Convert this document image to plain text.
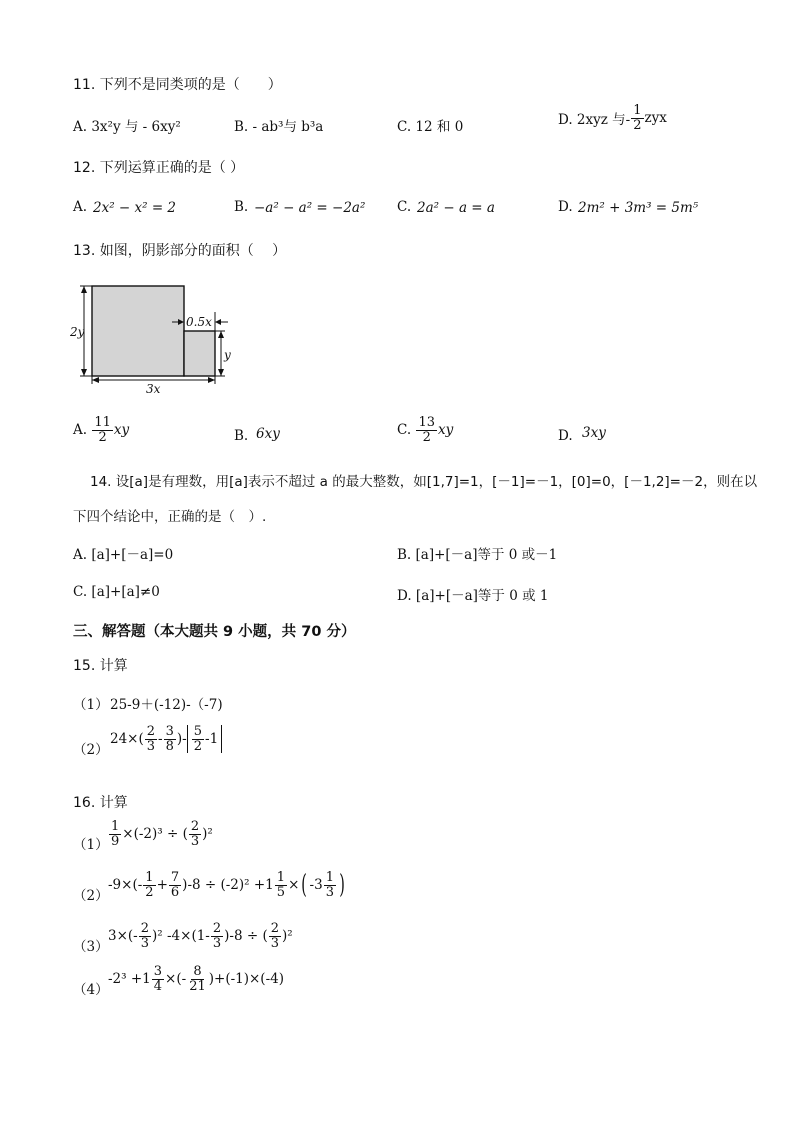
11. 下列不是同类项的是（　　）
A. 3x²y 与 - 6xy²	B. - ab³与 b³a	C. 12 和 0	D. 2xyz 与- $\frac{1}{2}$ zyx
12. 下列运算正确的是（ ）
A. 2x² − x² = 2	B. −a² − a² = −2a² C. 2a² − a = a	D. 2m² + 3m³ = 5m⁵
13. 如图，阴影部分的面积（　 ）
2y
0.5x
y
3x
A.
$\frac{11}{2}$ xy	B. 6xy	C.
$\frac{13}{2}$ xy	D. 3xy
14. 设[a]是有理数，用[a]表示不超过 a 的最大整数，如[1,7]=1，[－1]=－1，[0]=0，[－1,2]=－2，则在以
下四个结论中，正确的是（　）.
A. [a]+[－a]=0	B. [a]+[－a]等于 0 或－1
C. [a]+[a]≠0	D. [a]+[－a]等于 0 或 1
三、解答题（本大题共 9 小题，共 70 分）
15. 计算
（1） 25-9＋(-12)-（-7)
（2）
$24\times( \frac{2}{3} - \frac{3}{8}$ )- $\frac{5}{2} -1$
16. 计算
$(1) \frac{1}{9} \times(-2)^3$ ÷ ( $\frac{2}{3} )^2$
（2）
$-9\times(- \frac{1}{2} + \frac{7}{6} )-8 \div (-2)^2 +1 \frac{1}{5}$ × ( $-3 \frac{1}{3}$ )
（3）
$3\times(- \frac{2}{3} )^2$ $-4\times(1- \frac{2}{3} )-8$ ÷ ( $\frac{2}{3} )^2$
（4）
$-2^3 +1 \frac{3}{4}$ ×(- $\frac{8}{21} )+(-1)\times(-4)$
